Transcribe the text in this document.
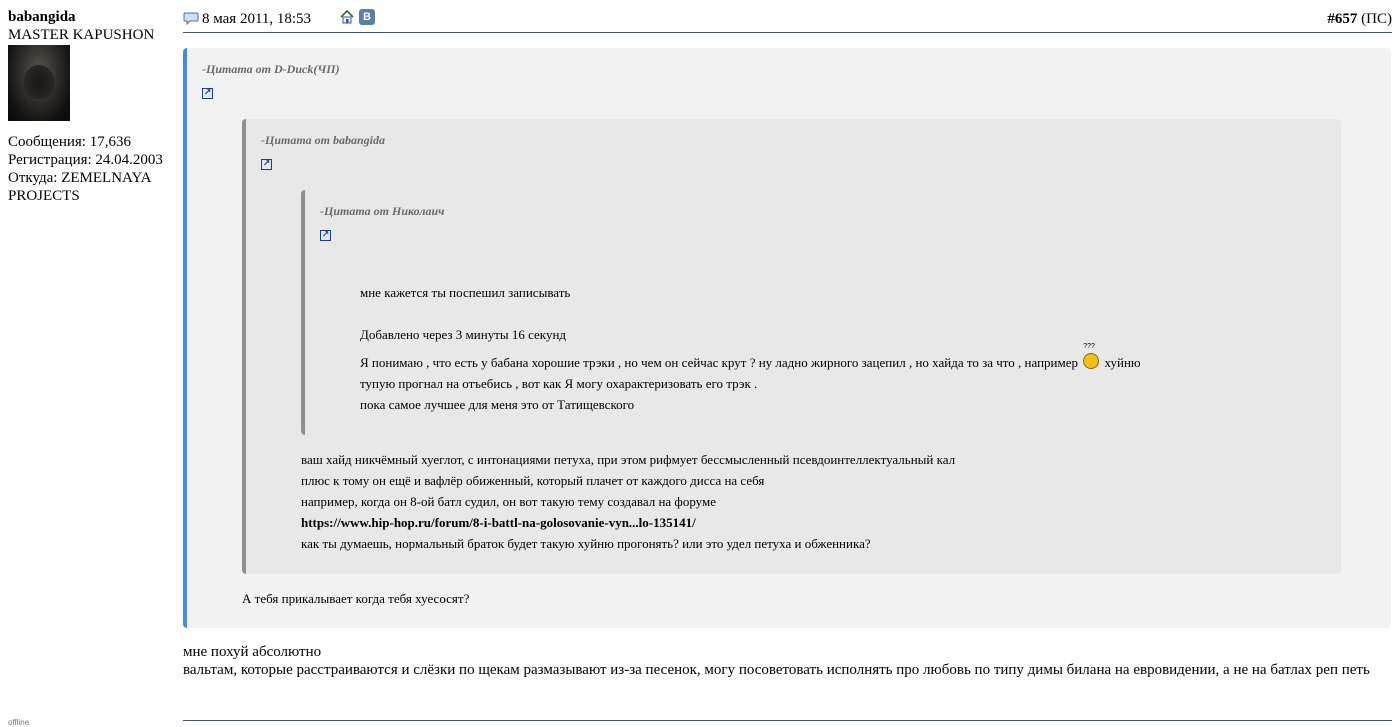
babangida
MASTER KAPUSHON
Сообщения: 17,636
Регистрация: 24.04.2003
Откуда: ZEMELNAYA PROJECTS
offline
8 мая 2011, 18:53	В	#657 (ПС)
-Цитата от D-Duck(ЧП)
↗
-Цитата от babangida
↗
-Цитата от Николаич
↗
мне кажется ты поспешил записывать
Добавлено через 3 минуты 16 секунд
Я понимаю , что есть у бабана хорошие трэки , но чем он сейчас крут ? ну ладно жирного зацепил , но хайда то за что , например
???
хуйню
тупую прогнал на отъебись , вот как Я могу охарактеризовать его трэк .
пока самое лучшее для меня это от Татищевского
ваш хайд никчёмный хуеглот, с интонациями петуха, при этом рифмует бессмысленный псевдоинтеллектуальный кал
плюс к тому он ещё и вафлёр обиженный, который плачет от каждого дисса на себя
например, когда он 8-ой батл судил, он вот такую тему создавал на форуме
https://www.hip-hop.ru/forum/8-i-battl-na-golosovanie-vyn...lo-135141/
как ты думаешь, нормальный браток будет такую хуйню прогонять? или это удел петуха и обженника?
А тебя прикалывает когда тебя хуесосят?
мне похуй абсолютно
вальтам, которые расстраиваются и слёзки по щекам размазывают из-за песенок, могу посоветовать исполнять про любовь по типу димы билана на евровидении, а не на батлах реп петь
